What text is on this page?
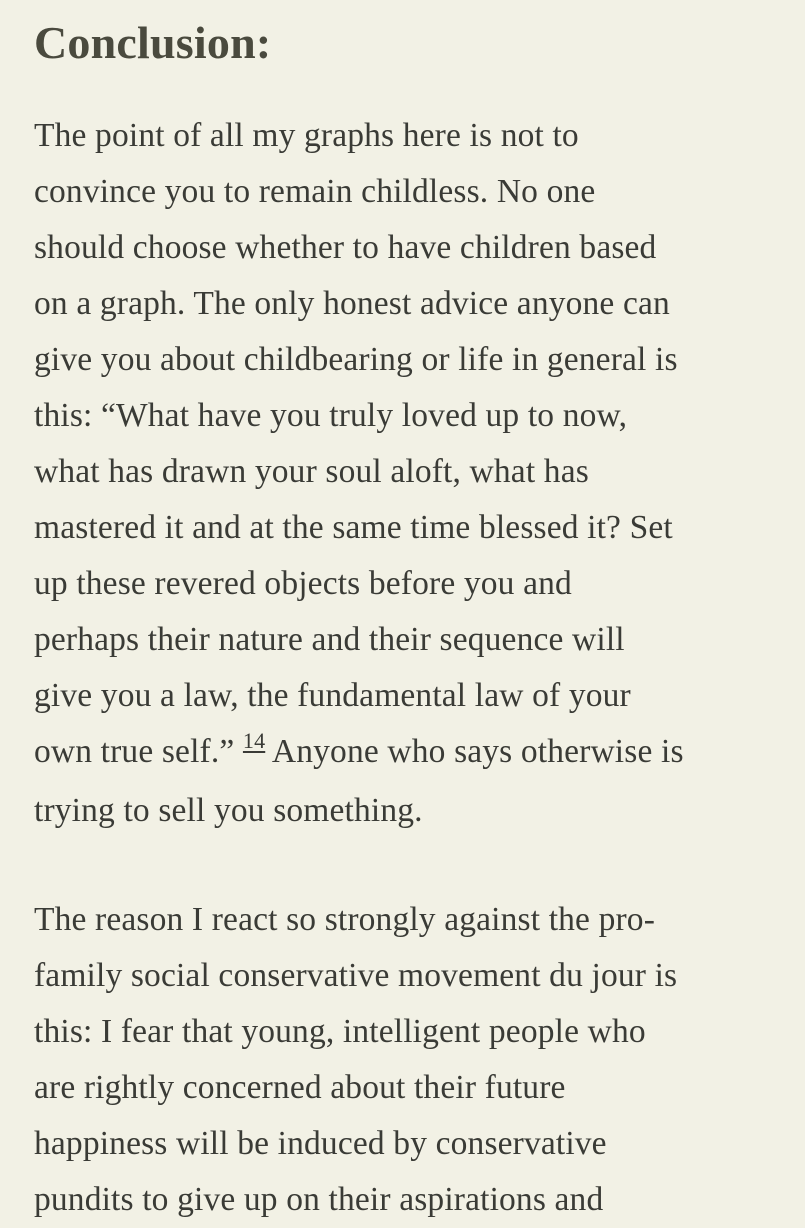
Conclusion:

The point of all my graphs here is not to
convince you to remain childless. No one
should choose whether to have children based
on a graph. The only honest advice anyone can
give you about childbearing or life in general is
this: “What have you truly loved up to now,
what has drawn your soul aloft, what has
mastered it and at the same time blessed it? Set
up these revered objects before you and
perhaps their nature and their sequence will
give you a law, the fundamental law of your
own true self.” $^{14}$ Anyone who says otherwise is
trying to sell you something.

The reason I react so strongly against the pro-
family social conservative movement du jour is
this: I fear that young, intelligent people who
are rightly concerned about their future
happiness will be induced by conservative
pundits to give up on their aspirations and
